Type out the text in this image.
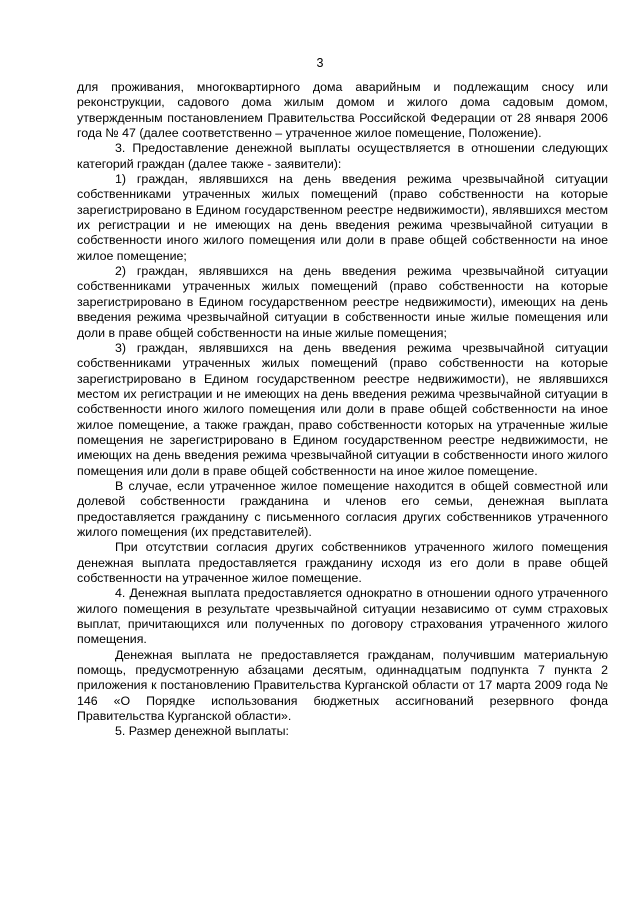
3

для проживания, многоквартирного дома аварийным и подлежащим сносу или реконструкции, садового дома жилым домом и жилого дома садовым домом, утвержденным постановлением Правительства Российской Федерации от 28 января 2006 года № 47 (далее соответственно – утраченное жилое помещение, Положение).

3. Предоставление денежной выплаты осуществляется в отношении следующих категорий граждан (далее также - заявители):

1) граждан, являвшихся на день введения режима чрезвычайной ситуации собственниками утраченных жилых помещений (право собственности на которые зарегистрировано в Едином государственном реестре недвижимости), являвшихся местом их регистрации и не имеющих на день введения режима чрезвычайной ситуации в собственности иного жилого помещения или доли в праве общей собственности на иное жилое помещение;

2) граждан, являвшихся на день введения режима чрезвычайной ситуации собственниками утраченных жилых помещений (право собственности на которые зарегистрировано в Едином государственном реестре недвижимости), имеющих на день введения режима чрезвычайной ситуации в собственности иные жилые помещения или доли в праве общей собственности на иные жилые помещения;

3) граждан, являвшихся на день введения режима чрезвычайной ситуации собственниками утраченных жилых помещений (право собственности на которые зарегистрировано в Едином государственном реестре недвижимости), не являвшихся местом их регистрации и не имеющих на день введения режима чрезвычайной ситуации в собственности иного жилого помещения или доли в праве общей собственности на иное жилое помещение, а также граждан, право собственности которых на утраченные жилые помещения не зарегистрировано в Едином государственном реестре недвижимости, не имеющих на день введения режима чрезвычайной ситуации в собственности иного жилого помещения или доли в праве общей собственности на иное жилое помещение.

В случае, если утраченное жилое помещение находится в общей совместной или долевой собственности гражданина и членов его семьи, денежная выплата предоставляется гражданину с письменного согласия других собственников утраченного жилого помещения (их представителей).

При отсутствии согласия других собственников утраченного жилого помещения денежная выплата предоставляется гражданину исходя из его доли в праве общей собственности на утраченное жилое помещение.

4. Денежная выплата предоставляется однократно в отношении одного утраченного жилого помещения в результате чрезвычайной ситуации независимо от сумм страховых выплат, причитающихся или полученных по договору страхования утраченного жилого помещения.

Денежная выплата не предоставляется гражданам, получившим материальную помощь, предусмотренную абзацами десятым, одиннадцатым подпункта 7 пункта 2 приложения к постановлению Правительства Курганской области от 17 марта 2009 года № 146 «О Порядке использования бюджетных ассигнований резервного фонда Правительства Курганской области».

5. Размер денежной выплаты:
